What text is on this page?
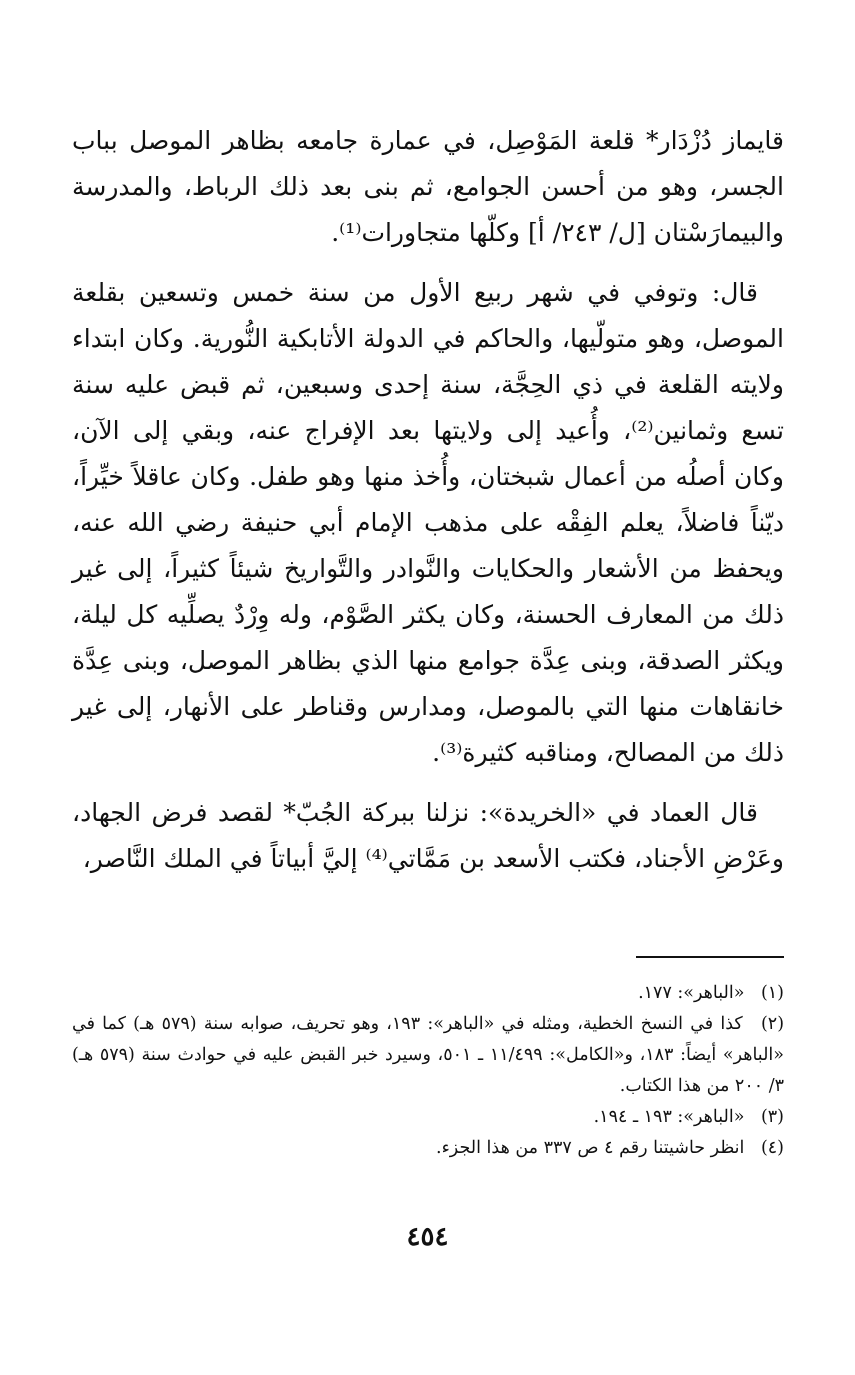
قايماز دُزْدَار* قلعة المَوْصِل، في عمارة جامعه بظاهر الموصل بباب الجسر، وهو من أحسن الجوامع، ثم بنى بعد ذلك الرباط، والمدرسة والبيمارَسْتان [ل/ ٢٤٣/ أ] وكلّها متجاورات⁽¹⁾.

قال: وتوفي في شهر ربيع الأول من سنة خمس وتسعين بقلعة الموصل، وهو متولّيها، والحاكم في الدولة الأتابكية النُّورية. وكان ابتداء ولايته القلعة في ذي الحِجَّة، سنة إحدى وسبعين، ثم قبض عليه سنة تسع وثمانين⁽²⁾، وأُعيد إلى ولايتها بعد الإفراج عنه، وبقي إلى الآن، وكان أصلُه من أعمال شبختان، وأُخذ منها وهو طفل. وكان عاقلاً خيِّراً، ديّناً فاضلاً، يعلم الفِقْه على مذهب الإمام أبي حنيفة رضي الله عنه، ويحفظ من الأشعار والحكايات والنَّوادر والتَّواريخ شيئاً كثيراً، إلى غير ذلك من المعارف الحسنة، وكان يكثر الصَّوْم، وله وِرْدٌ يصلِّيه كل ليلة، ويكثر الصدقة، وبنى عِدَّة جوامع منها الذي بظاهر الموصل، وبنى عِدَّة خانقاهات منها التي بالموصل، ومدارس وقناطر على الأنهار، إلى غير ذلك من المصالح، ومناقبه كثيرة⁽³⁾.

قال العماد في «الخريدة»: نزلنا ببركة الجُبّ* لقصد فرض الجهاد، وعَرْضِ الأجناد، فكتب الأسعد بن مَمَّاتي⁽⁴⁾ إليَّ أبياتاً في الملك النَّاصر،

(١) «الباهر»: ١٧٧.

(٢) كذا في النسخ الخطية، ومثله في «الباهر»: ١٩٣، وهو تحريف، صوابه سنة (٥٧٩ هـ) كما في «الباهر» أيضاً: ١٨٣، و«الكامل»: ١١/٤٩٩ ـ ٥٠١، وسيرد خبر القبض عليه في حوادث سنة (٥٧٩ هـ) ٣/ ٢٠٠ من هذا الكتاب.

(٣) «الباهر»: ١٩٣ ـ ١٩٤.

(٤) انظر حاشيتنا رقم ٤ ص ٣٣٧ من هذا الجزء.

٤٥٤
